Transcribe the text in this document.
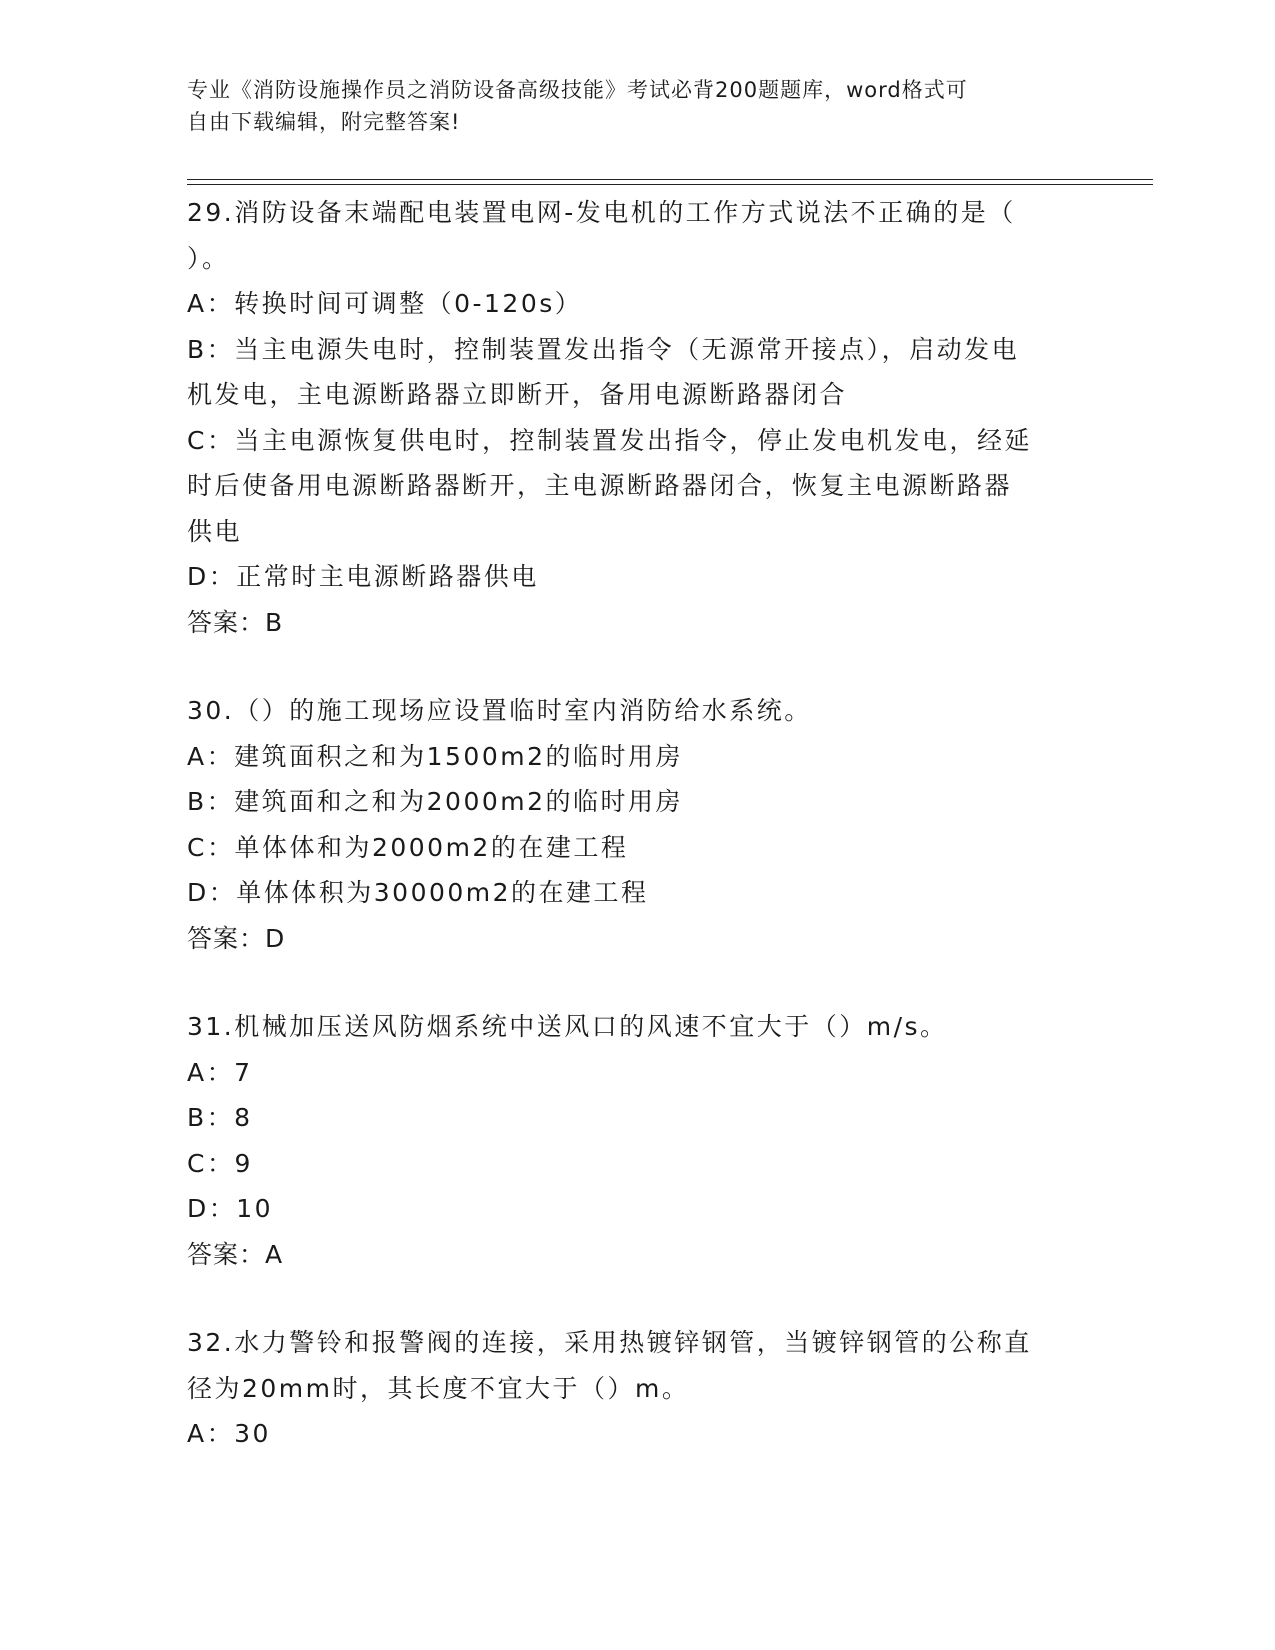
专业《消防设施操作员之消防设备高级技能》考试必背200题题库，word格式可
自由下载编辑，附完整答案!
29.消防设备末端配电装置电网-发电机的工作方式说法不正确的是（
）。
A：转换时间可调整（0-120s）
B：当主电源失电时，控制装置发出指令（无源常开接点），启动发电
机发电，主电源断路器立即断开，备用电源断路器闭合
C：当主电源恢复供电时，控制装置发出指令，停止发电机发电，经延
时后使备用电源断路器断开，主电源断路器闭合，恢复主电源断路器
供电
D：正常时主电源断路器供电
答案：B
30.（）的施工现场应设置临时室内消防给水系统。
A：建筑面积之和为1500m2的临时用房
B：建筑面和之和为2000m2的临时用房
C：单体体和为2000m2的在建工程
D：单体体积为30000m2的在建工程
答案：D
31.机械加压送风防烟系统中送风口的风速不宜大于（）m/s。
A：7
B：8
C：9
D：10
答案：A
32.水力警铃和报警阀的连接，采用热镀锌钢管，当镀锌钢管的公称直
径为20mm时，其长度不宜大于（）m。
A：30
